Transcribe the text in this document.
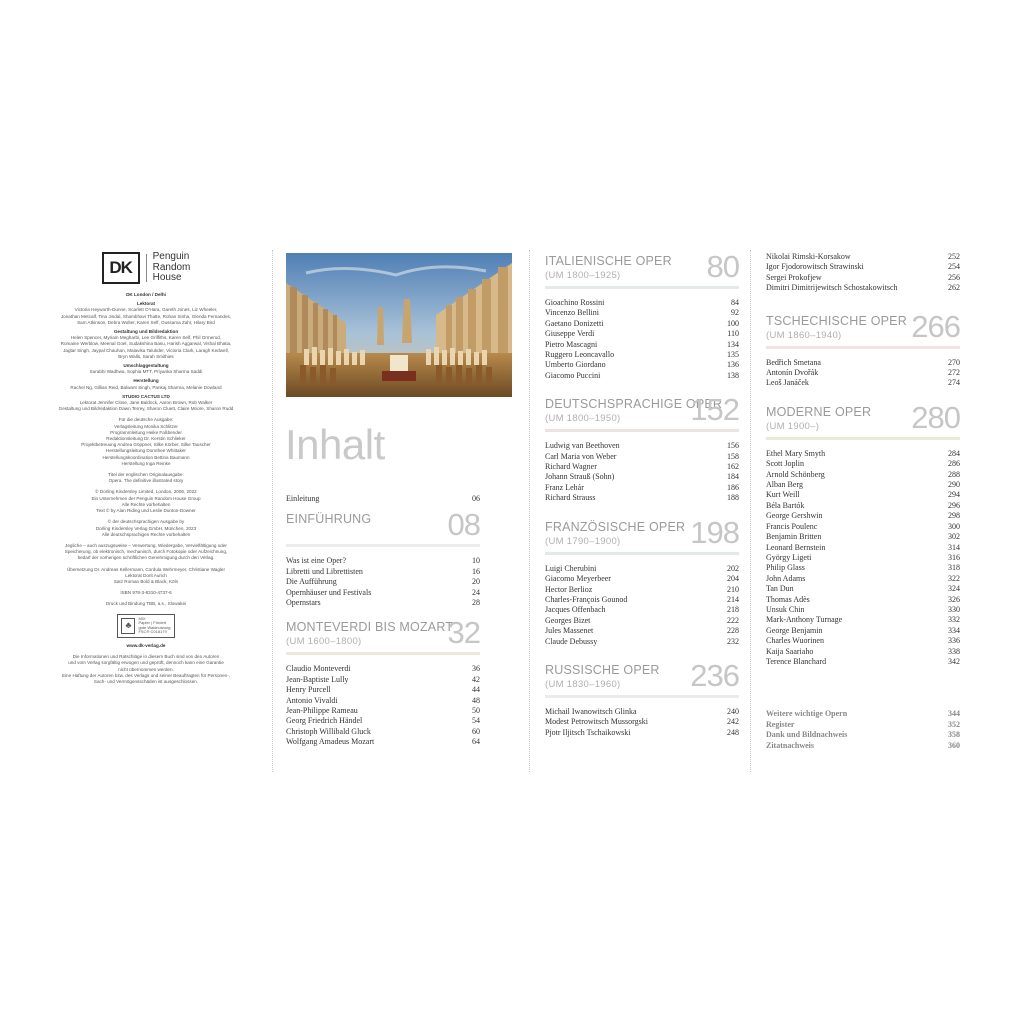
DK
Penguin
Random
House
DK London / Delhi
Lektorat
Victoria Heyworth-Dunne, Scarlett O'Hara, Gareth Jones, Liz Wheeler,
Jonathan Metcalf, Tina Jindal, Shambhavi Thatte, Rohan Sinha, Glenda Fernandes,
Sam Atkinson, Debra Wolter, Karen Self, Oussama Zahr, Hilary Bird
Gestaltung und Bildredaktion
Helen Spencer, Myriam Megharbi, Lee Griffiths, Karen Self, Phil Ormerod,
Romaine Werblow, Meenal Goel, Sudakshina Basu, Harish Aggarwal, Vishal Bhatia,
Jagtar Singh, Jaypal Chauhan, Malavika Talukder, Victoria Clark, Laragh Kedwell,
Bryn Walls, Sarah Smithies
Umschlaggestaltung
Surabhi Wadhwa, Sophia MTT, Priyanka Sharma Saddi
Herstellung
Rachel Ng, Gillian Reid, Balwant Singh, Pankaj Sharma, Melanie Dowland
STUDIO CACTUS LTD
Lektorat Jennifer Close, Jane Baldock, Aaron Brown, Rob Walker
Gestaltung und Bildredaktion Dawn Terrey, Sharon Cluett, Claire Moore, Sharon Rudd
Für die deutsche Ausgabe:
Verlagsleitung Monika Schlitzer
Programmleitung Heike Faßbender
Redaktionsleitung Dr. Kerstin Schlieker
Projektbetreuung Andrea Göppner, Silke Körber, Silke Tauscher
Herstellungsleitung Dorothee Whittaker
Herstellungskoordination Bettina Baumann
Herstellung Inga Reinke
Titel der englischen Originalausgabe:
Opera. The definitive illustrated story
© Dorling Kindersley Limited, London, 2006, 2022
Ein Unternehmen der Penguin Random House Group
Alle Rechte vorbehalten
Text © by Alan Riding und Leslie Dunton-Downer
© der deutschsprachigen Ausgabe by
Dorling Kindersley Verlag GmbH, München, 2023
Alle deutschsprachigen Rechte vorbehalten
Jegliche – auch auszugsweise – Verwertung, Wiedergabe, Vervielfältigung oder
Speicherung, ob elektronisch, mechanisch, durch Fotokopie oder Aufzeichnung,
bedarf der vorherigen schriftlichen Genehmigung durch den Verlag.
Übersetzung Dr. Andreas Kellermann, Cordula Wehrmeyer, Christiane Wagler
Lektorat Dorit Aurich
Satz Roman Bold & Black, Köln
ISBN 978-3-8310-4737-6
Druck und Bindung TBB, a.s., Slowakei
♣
MIX
Papier | Fördert
gute Waldnutzung
FSC® C018179
www.dk-verlag.de
Die Informationen und Ratschläge in diesem Buch sind von den Autoren
und vom Verlag sorgfältig erwogen und geprüft, dennoch kann eine Garantie
nicht übernommen werden.
Eine Haftung der Autoren bzw. des Verlags und seiner Beauftragten für Personen-,
Sach- und Vermögensschäden ist ausgeschlossen.
Inhalt
Einleitung	06
EINFÜHRUNG 08
Was ist eine Oper?	10
Libretti und Librettisten	16
Die Aufführung	20
Opernhäuser und Festivals	24
Opernstars	28
MONTEVERDI BIS MOZART
(UM 1600–1800)	32
Claudio Monteverdi	36
Jean-Baptiste Lully	42
Henry Purcell	44
Antonio Vivaldi	48
Jean-Philippe Rameau	50
Georg Friedrich Händel	54
Christoph Willibald Gluck	60
Wolfgang Amadeus Mozart	64
ITALIENISCHE OPER
(UM 1800–1925)	80
Gioachino Rossini	84
Vincenzo Bellini	92
Gaetano Donizetti	100
Giuseppe Verdi	110
Pietro Mascagni	134
Ruggero Leoncavallo	135
Umberto Giordano	136
Giacomo Puccini	138
DEUTSCHSPRACHIGE OPER
(UM 1800–1950) 152
Ludwig van Beethoven	156
Carl Maria von Weber	158
Richard Wagner	162
Johann Strauß (Sohn)	184
Franz Lehár	186
Richard Strauss	188
FRANZÖSISCHE OPER
(UM 1790–1900) 198
Luigi Cherubini	202
Giacomo Meyerbeer	204
Hector Berlioz	210
Charles-François Gounod	214
Jacques Offenbach	218
Georges Bizet	222
Jules Massenet	228
Claude Debussy	232
RUSSISCHE OPER
(UM 1830–1960) 236
Michail Iwanowitsch Glinka	240
Modest Petrowitsch Mussorgski	242
Pjotr Iljitsch Tschaikowski	248
Nikolai Rimski-Korsakow	252
Igor Fjodorowitsch Strawinski	254
Sergei Prokofjew	256
Dimitri Dimitrijewitsch Schostakowitsch	262
TSCHECHISCHE OPER
(UM 1860–1940) 266
Bedřich Smetana	270
Antonín Dvořák	272
Leoš Janáček	274
MODERNE OPER
(UM 1900–)	280
Ethel Mary Smyth	284
Scott Joplin	286
Arnold Schönberg	288
Alban Berg	290
Kurt Weill	294
Béla Bartók	296
George Gershwin	298
Francis Poulenc	300
Benjamin Britten	302
Leonard Bernstein	314
György Ligeti	316
Philip Glass	318
John Adams	322
Tan Dun	324
Thomas Adès	326
Unsuk Chin	330
Mark-Anthony Turnage	332
George Benjamin	334
Charles Wuorinen	336
Kaija Saariaho	338
Terence Blanchard	342
Weitere wichtige Opern	344
Register	352
Dank und Bildnachweis	358
Zitatnachweis	360
